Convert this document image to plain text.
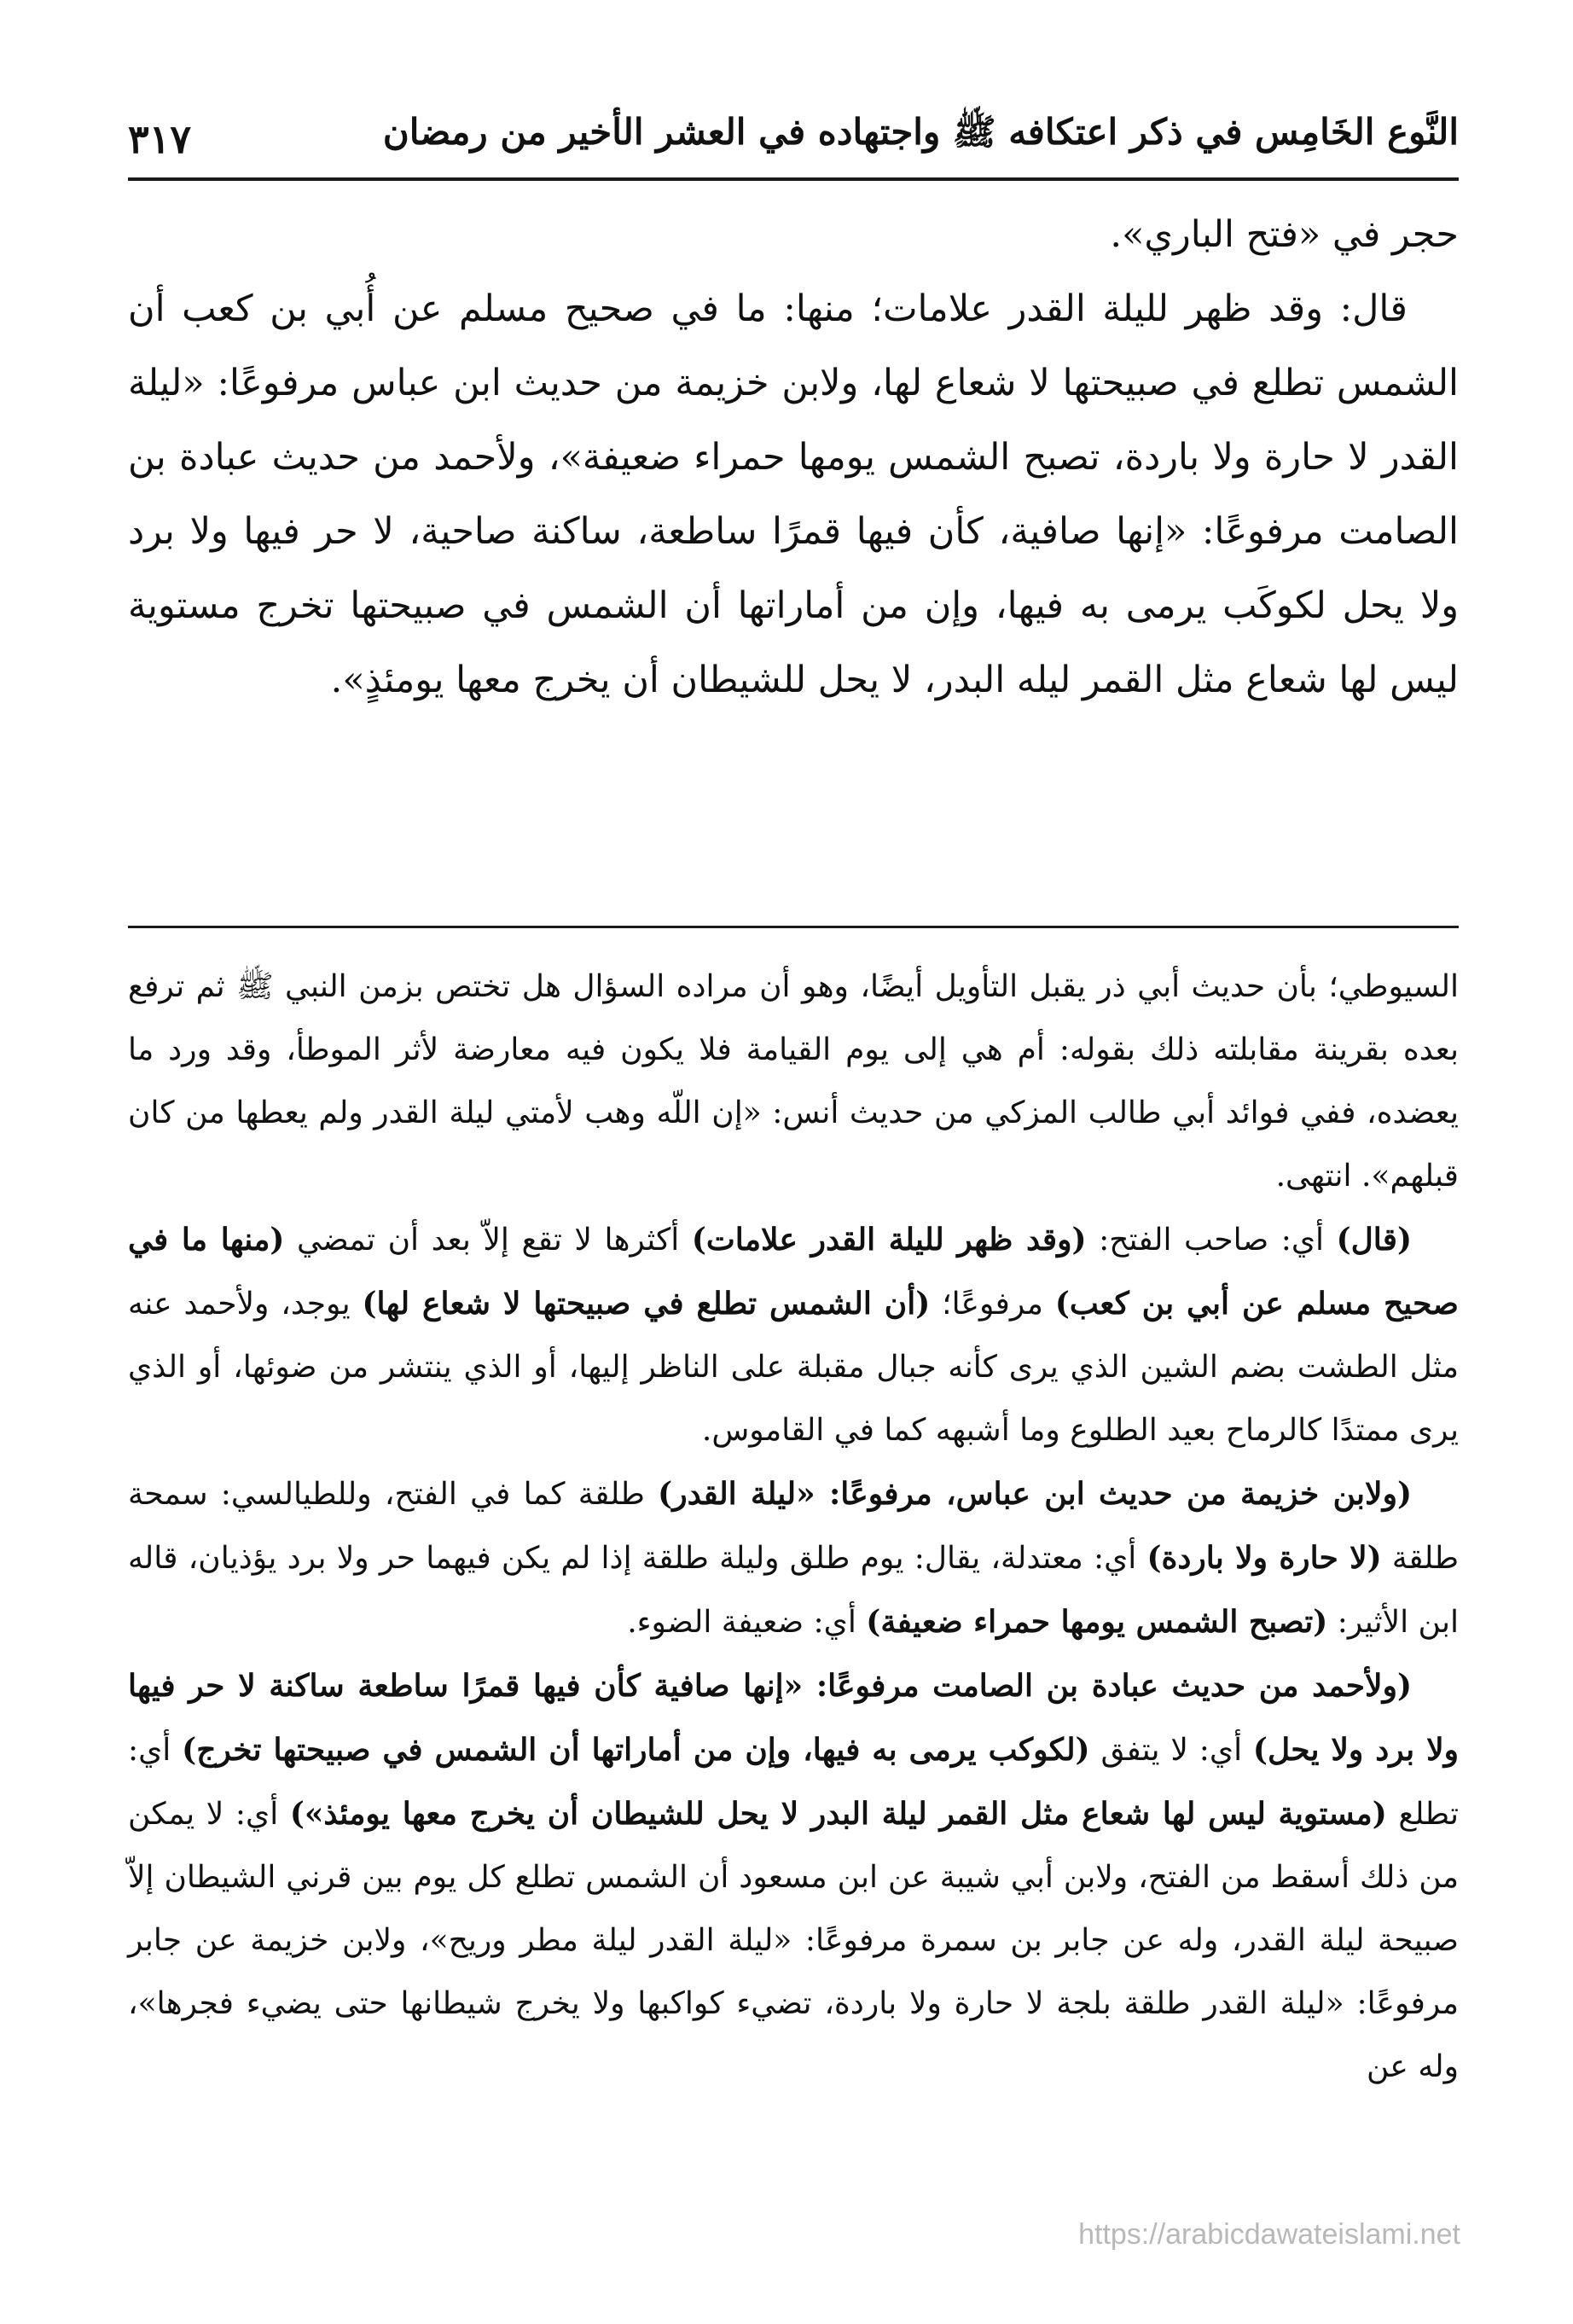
النَّوع الخَامِس في ذكر اعتكافه ﷺ واجتهاده في العشر الأخير من رمضان
٣١٧

حجر في «فتح الباري».

قال: وقد ظهر لليلة القدر علامات؛ منها: ما في صحيح مسلم عن أُبي بن كعب أن الشمس تطلع في صبيحتها لا شعاع لها، ولابن خزيمة من حديث ابن عباس مرفوعًا: «ليلة القدر لا حارة ولا باردة، تصبح الشمس يومها حمراء ضعيفة»، ولأحمد من حديث عبادة بن الصامت مرفوعًا: «إنها صافية، كأن فيها قمرًا ساطعة، ساكنة صاحية، لا حر فيها ولا برد ولا يحل لكوكَب يرمى به فيها، وإن من أماراتها أن الشمس في صبيحتها تخرج مستوية ليس لها شعاع مثل القمر ليله البدر، لا يحل للشيطان أن يخرج معها يومئذٍ».

السيوطي؛ بأن حديث أبي ذر يقبل التأويل أيضًا، وهو أن مراده السؤال هل تختص بزمن النبي ﷺ ثم ترفع بعده بقرينة مقابلته ذلك بقوله: أم هي إلى يوم القيامة فلا يكون فيه معارضة لأثر الموطأ، وقد ورد ما يعضده، ففي فوائد أبي طالب المزكي من حديث أنس: «إن اللّه وهب لأمتي ليلة القدر ولم يعطها من كان قبلهم». انتهى.

(قال) أي: صاحب الفتح: (وقد ظهر لليلة القدر علامات) أكثرها لا تقع إلاّ بعد أن تمضي (منها ما في صحيح مسلم عن أبي بن كعب) مرفوعًا؛ (أن الشمس تطلع في صبيحتها لا شعاع لها) يوجد، ولأحمد عنه مثل الطشت بضم الشين الذي يرى كأنه جبال مقبلة على الناظر إليها، أو الذي ينتشر من ضوئها، أو الذي يرى ممتدًا كالرماح بعيد الطلوع وما أشبهه كما في القاموس.

(ولابن خزيمة من حديث ابن عباس، مرفوعًا: «ليلة القدر) طلقة كما في الفتح، وللطيالسي: سمحة طلقة (لا حارة ولا باردة) أي: معتدلة، يقال: يوم طلق وليلة طلقة إذا لم يكن فيهما حر ولا برد يؤذيان، قاله ابن الأثير: (تصبح الشمس يومها حمراء ضعيفة) أي: ضعيفة الضوء.

(ولأحمد من حديث عبادة بن الصامت مرفوعًا: «إنها صافية كأن فيها قمرًا ساطعة ساكنة لا حر فيها ولا برد ولا يحل) أي: لا يتفق (لكوكب يرمى به فيها، وإن من أماراتها أن الشمس في صبيحتها تخرج) أي: تطلع (مستوية ليس لها شعاع مثل القمر ليلة البدر لا يحل للشيطان أن يخرج معها يومئذ») أي: لا يمكن من ذلك أسقط من الفتح، ولابن أبي شيبة عن ابن مسعود أن الشمس تطلع كل يوم بين قرني الشيطان إلاّ صبيحة ليلة القدر، وله عن جابر بن سمرة مرفوعًا: «ليلة القدر ليلة مطر وريح»، ولابن خزيمة عن جابر مرفوعًا: «ليلة القدر طلقة بلجة لا حارة ولا باردة، تضيء كواكبها ولا يخرج شيطانها حتى يضيء فجرها»، وله عن

https://arabicdawateislami.net
